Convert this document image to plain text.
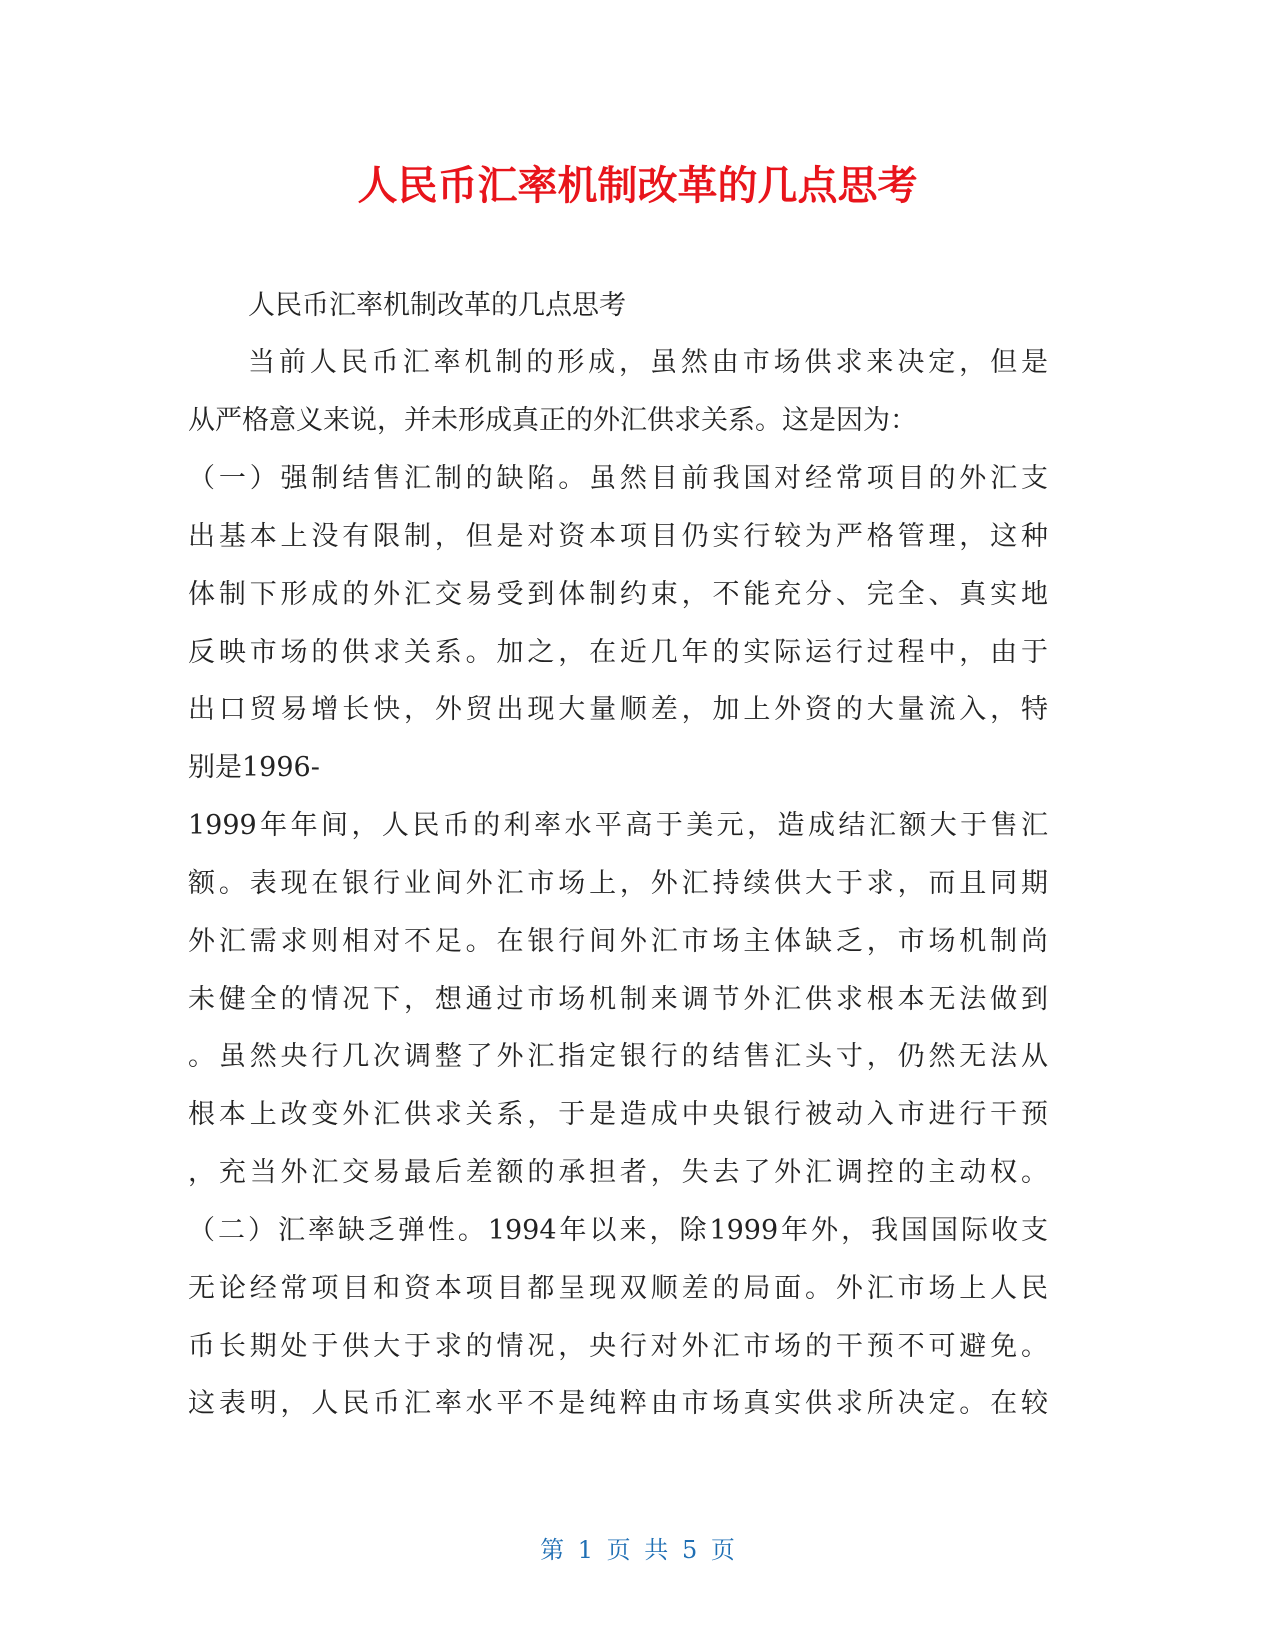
人民币汇率机制改革的几点思考
人民币汇率机制改革的几点思考
当前人民币汇率机制的形成，虽然由市场供求来决定，但是
从严格意义来说，并未形成真正的外汇供求关系。这是因为：
（一）强制结售汇制的缺陷。虽然目前我国对经常项目的外汇支
出基本上没有限制，但是对资本项目仍实行较为严格管理，这种
体制下形成的外汇交易受到体制约束，不能充分、完全、真实地
反映市场的供求关系。加之，在近几年的实际运行过程中，由于
出口贸易增长快，外贸出现大量顺差，加上外资的大量流入，特
别是1996-
1999年年间，人民币的利率水平高于美元，造成结汇额大于售汇
额。表现在银行业间外汇市场上，外汇持续供大于求，而且同期
外汇需求则相对不足。在银行间外汇市场主体缺乏，市场机制尚
未健全的情况下，想通过市场机制来调节外汇供求根本无法做到
。虽然央行几次调整了外汇指定银行的结售汇头寸，仍然无法从
根本上改变外汇供求关系，于是造成中央银行被动入市进行干预
，充当外汇交易最后差额的承担者，失去了外汇调控的主动权。
（二）汇率缺乏弹性。1994年以来，除1999年外，我国国际收支
无论经常项目和资本项目都呈现双顺差的局面。外汇市场上人民
币长期处于供大于求的情况，央行对外汇市场的干预不可避免。
这表明，人民币汇率水平不是纯粹由市场真实供求所决定。在较
第 1 页 共 5 页
